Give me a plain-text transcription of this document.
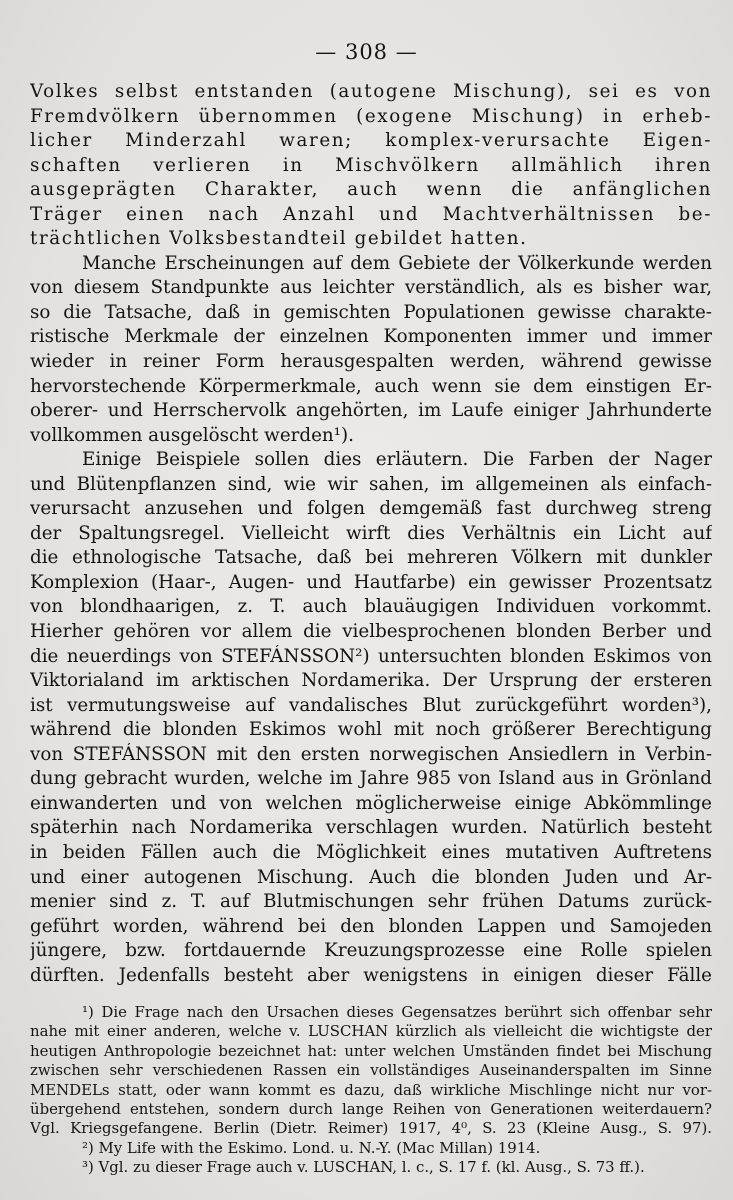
— 308 —
Volkes selbst entstanden (autogene Mischung), sei es von
Fremdvölkern übernommen (exogene Mischung) in erheb-
licher Minderzahl waren; komplex-verursachte Eigen-
schaften verlieren in Mischvölkern allmählich ihren
ausgeprägten Charakter, auch wenn die anfänglichen
Träger einen nach Anzahl und Machtverhältnissen be-
trächtlichen Volksbestandteil gebildet hatten.
Manche Erscheinungen auf dem Gebiete der Völkerkunde werden
von diesem Standpunkte aus leichter verständlich, als es bisher war,
so die Tatsache, daß in gemischten Populationen gewisse charakte-
ristische Merkmale der einzelnen Komponenten immer und immer
wieder in reiner Form herausgespalten werden, während gewisse
hervorstechende Körpermerkmale, auch wenn sie dem einstigen Er-
oberer- und Herrschervolk angehörten, im Laufe einiger Jahrhunderte
vollkommen ausgelöscht werden¹).
Einige Beispiele sollen dies erläutern. Die Farben der Nager
und Blütenpflanzen sind, wie wir sahen, im allgemeinen als einfach-
verursacht anzusehen und folgen demgemäß fast durchweg streng
der Spaltungsregel. Vielleicht wirft dies Verhältnis ein Licht auf
die ethnologische Tatsache, daß bei mehreren Völkern mit dunkler
Komplexion (Haar-, Augen- und Hautfarbe) ein gewisser Prozentsatz
von blondhaarigen, z. T. auch blauäugigen Individuen vorkommt.
Hierher gehören vor allem die vielbesprochenen blonden Berber und
die neuerdings von STEFÁNSSON²) untersuchten blonden Eskimos von
Viktorialand im arktischen Nordamerika. Der Ursprung der ersteren
ist vermutungsweise auf vandalisches Blut zurückgeführt worden³),
während die blonden Eskimos wohl mit noch größerer Berechtigung
von STEFÁNSSON mit den ersten norwegischen Ansiedlern in Verbin-
dung gebracht wurden, welche im Jahre 985 von Island aus in Grönland
einwanderten und von welchen möglicherweise einige Abkömmlinge
späterhin nach Nordamerika verschlagen wurden. Natürlich besteht
in beiden Fällen auch die Möglichkeit eines mutativen Auftretens
und einer autogenen Mischung. Auch die blonden Juden und Ar-
menier sind z. T. auf Blutmischungen sehr frühen Datums zurück-
geführt worden, während bei den blonden Lappen und Samojeden
jüngere, bzw. fortdauernde Kreuzungsprozesse eine Rolle spielen
dürften. Jedenfalls besteht aber wenigstens in einigen dieser Fälle
¹) Die Frage nach den Ursachen dieses Gegensatzes berührt sich offenbar sehr
nahe mit einer anderen, welche v. LUSCHAN kürzlich als vielleicht die wichtigste der
heutigen Anthropologie bezeichnet hat: unter welchen Umständen findet bei Mischung
zwischen sehr verschiedenen Rassen ein vollständiges Auseinanderspalten im Sinne
MENDELs statt, oder wann kommt es dazu, daß wirkliche Mischlinge nicht nur vor-
übergehend entstehen, sondern durch lange Reihen von Generationen weiterdauern?
Vgl. Kriegsgefangene. Berlin (Dietr. Reimer) 1917, 4⁰, S. 23 (Kleine Ausg., S. 97).
²) My Life with the Eskimo. Lond. u. N.-Y. (Mac Millan) 1914.
³) Vgl. zu dieser Frage auch v. LUSCHAN, l. c., S. 17 f. (kl. Ausg., S. 73 ff.).
